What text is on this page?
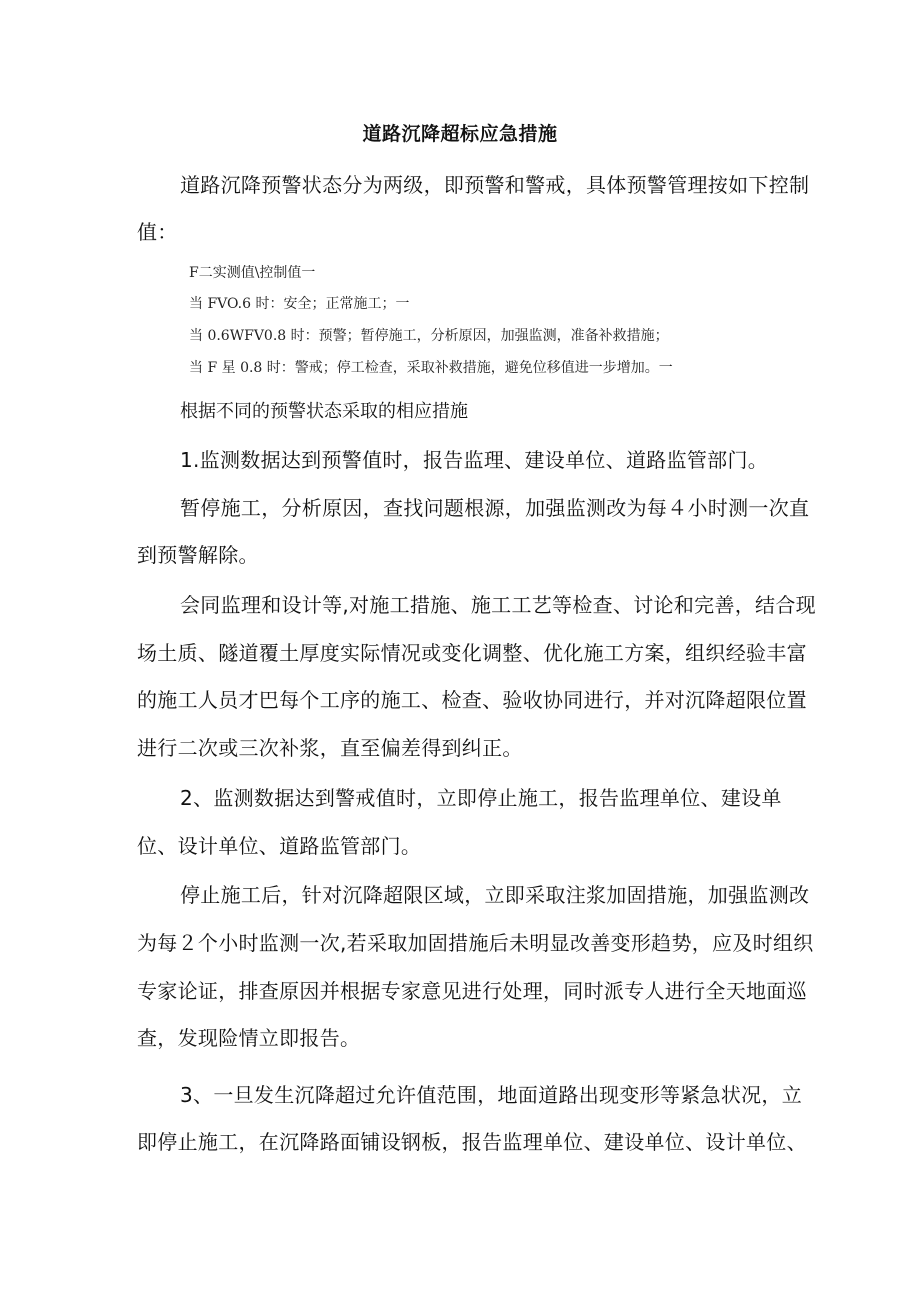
道路沉降超标应急措施
道路沉降预警状态分为两级，即预警和警戒，具体预警管理按如下控制
值：
F二实测值\控制值一
当 FVO.6 时：安全；正常施工；一
当 0.6WFV0.8 时：预警；暂停施工，分析原因，加强监测，准备补救措施；
当 F 星 0.8 时：警戒；停工检查，采取补救措施，避免位移值进一步增加。一
根据不同的预警状态采取的相应措施
1.监测数据达到预警值时，报告监理、建设单位、道路监管部门。
暂停施工，分析原因，查找问题根源，加强监测改为每４小时测一次直
到预警解除。
会同监理和设计等,对施工措施、施工工艺等检查、讨论和完善，结合现
场土质、隧道覆土厚度实际情况或变化调整、优化施工方案，组织经验丰富
的施工人员才巴每个工序的施工、检查、验收协同进行，并对沉降超限位置
进行二次或三次补浆，直至偏差得到纠正。
2、监测数据达到警戒值时，立即停止施工，报告监理单位、建设单
位、设计单位、道路监管部门。
停止施工后，针对沉降超限区域，立即采取注浆加固措施，加强监测改
为每２个小时监测一次,若采取加固措施后未明显改善变形趋势，应及时组织
专家论证，排查原因并根据专家意见进行处理，同时派专人进行全天地面巡
查，发现险情立即报告。
3、一旦发生沉降超过允许值范围，地面道路出现变形等紧急状况，立
即停止施工，在沉降路面铺设钢板，报告监理单位、建设单位、设计单位、
